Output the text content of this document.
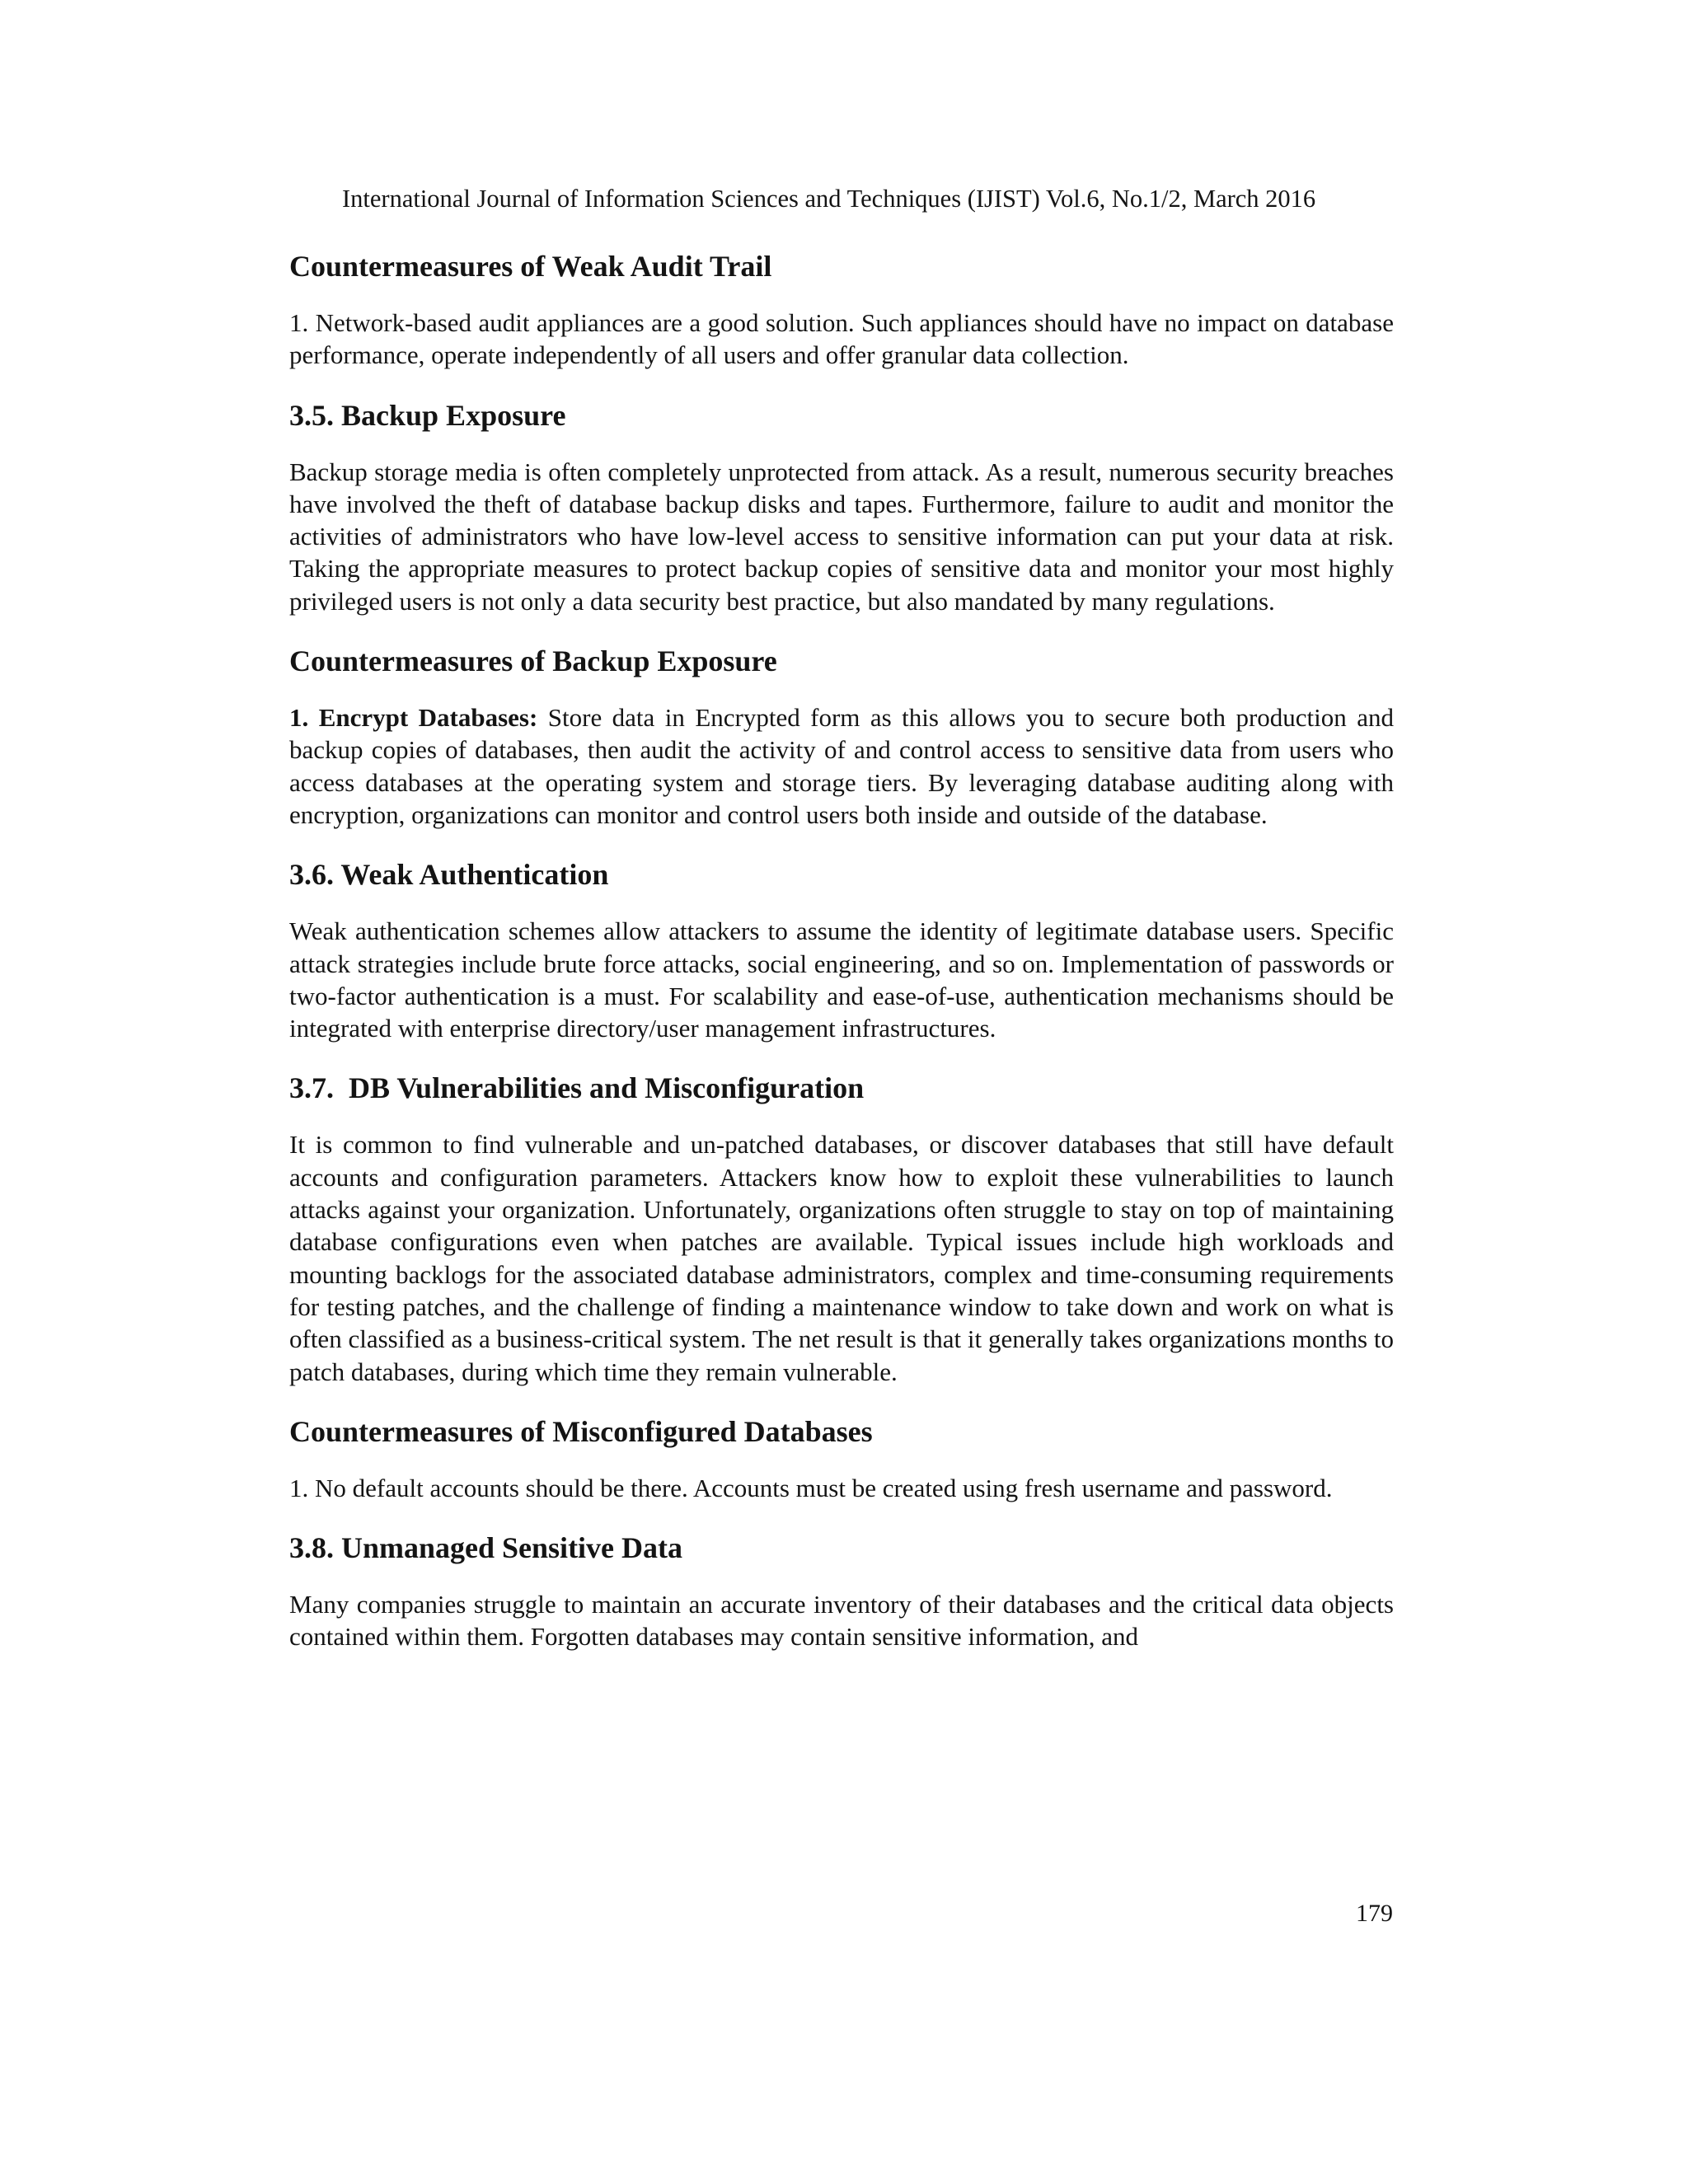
International Journal of Information Sciences and Techniques (IJIST) Vol.6, No.1/2, March 2016
Countermeasures of Weak Audit Trail

1. Network-based audit appliances are a good solution. Such appliances should have no impact on database performance, operate independently of all users and offer granular data collection.

3.5. Backup Exposure

Backup storage media is often completely unprotected from attack. As a result, numerous security breaches have involved the theft of database backup disks and tapes. Furthermore, failure to audit and monitor the activities of administrators who have low-level access to sensitive information can put your data at risk. Taking the appropriate measures to protect backup copies of sensitive data and monitor your most highly privileged users is not only a data security best practice, but also mandated by many regulations.

Countermeasures of Backup Exposure

1. Encrypt Databases: Store data in Encrypted form as this allows you to secure both production and backup copies of databases, then audit the activity of and control access to sensitive data from users who access databases at the operating system and storage tiers. By leveraging database auditing along with encryption, organizations can monitor and control users both inside and outside of the database.

3.6. Weak Authentication

Weak authentication schemes allow attackers to assume the identity of legitimate database users. Specific attack strategies include brute force attacks, social engineering, and so on. Implementation of passwords or two-factor authentication is a must. For scalability and ease-of-use, authentication mechanisms should be integrated with enterprise directory/user management infrastructures.

3.7.  DB Vulnerabilities and Misconfiguration

It is common to find vulnerable and un-patched databases, or discover databases that still have default accounts and configuration parameters. Attackers know how to exploit these vulnerabilities to launch attacks against your organization. Unfortunately, organizations often struggle to stay on top of maintaining database configurations even when patches are available. Typical issues include high workloads and mounting backlogs for the associated database administrators, complex and time-consuming requirements for testing patches, and the challenge of finding a maintenance window to take down and work on what is often classified as a business-critical system. The net result is that it generally takes organizations months to patch databases, during which time they remain vulnerable.

Countermeasures of Misconfigured Databases

1. No default accounts should be there. Accounts must be created using fresh username and password.

3.8. Unmanaged Sensitive Data

Many companies struggle to maintain an accurate inventory of their databases and the critical data objects contained within them. Forgotten databases may contain sensitive information, and

179
